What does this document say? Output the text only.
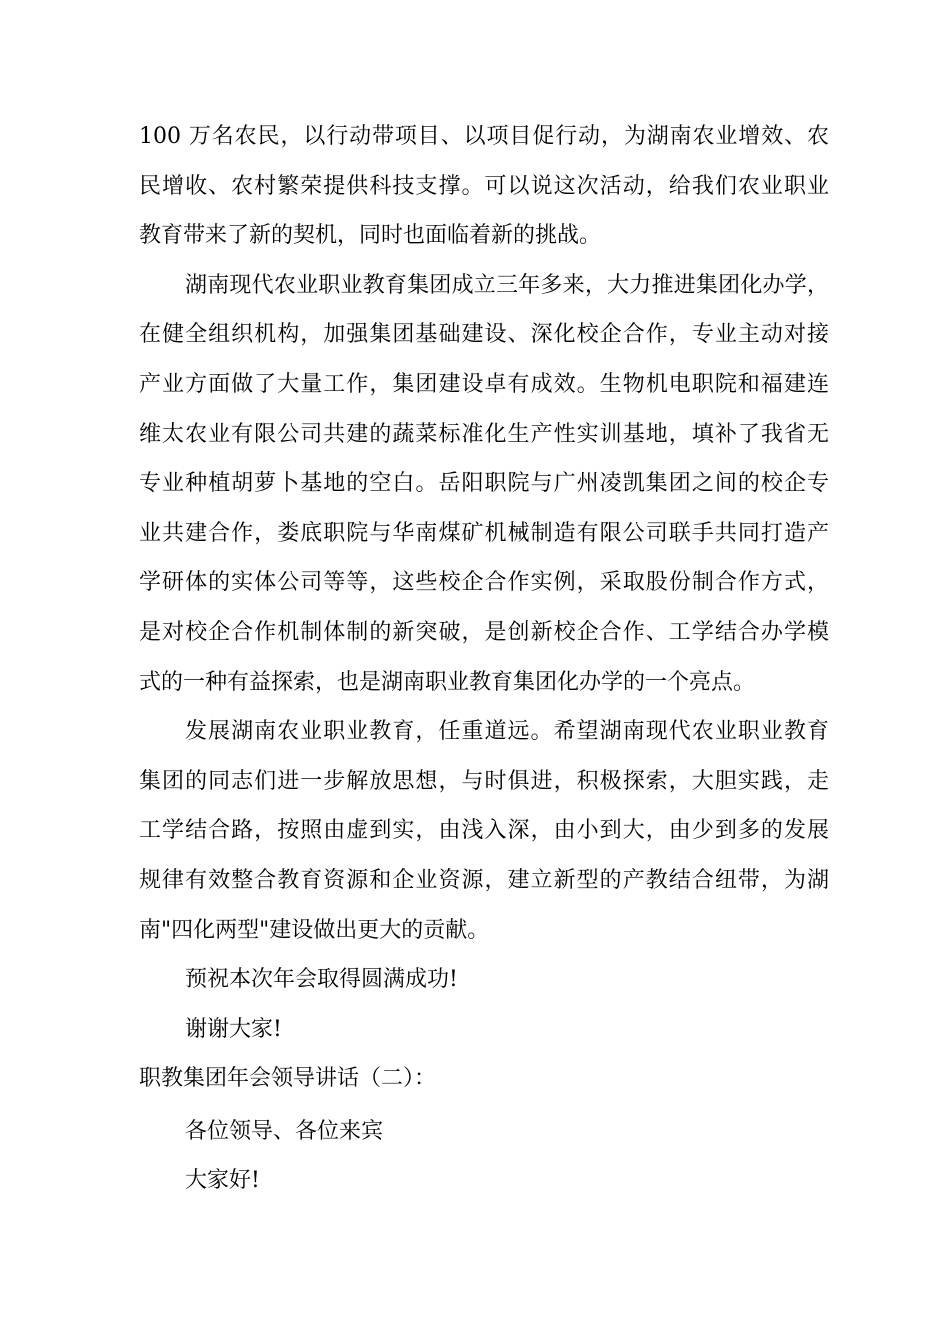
100 万名农民，以行动带项目、以项目促行动，为湖南农业增效、农
民增收、农村繁荣提供科技支撑。可以说这次活动，给我们农业职业
教育带来了新的契机，同时也面临着新的挑战。
湖南现代农业职业教育集团成立三年多来，大力推进集团化办学，
在健全组织机构，加强集团基础建设、深化校企合作，专业主动对接
产业方面做了大量工作，集团建设卓有成效。生物机电职院和福建连
维太农业有限公司共建的蔬菜标准化生产性实训基地，填补了我省无
专业种植胡萝卜基地的空白。岳阳职院与广州凌凯集团之间的校企专
业共建合作，娄底职院与华南煤矿机械制造有限公司联手共同打造产
学研体的实体公司等等，这些校企合作实例，采取股份制合作方式，
是对校企合作机制体制的新突破，是创新校企合作、工学结合办学模
式的一种有益探索，也是湖南职业教育集团化办学的一个亮点。
发展湖南农业职业教育，任重道远。希望湖南现代农业职业教育
集团的同志们进一步解放思想，与时俱进，积极探索，大胆实践，走
工学结合路，按照由虚到实，由浅入深，由小到大，由少到多的发展
规律有效整合教育资源和企业资源，建立新型的产教结合纽带，为湖
南"四化两型"建设做出更大的贡献。
预祝本次年会取得圆满成功!
谢谢大家!
职教集团年会领导讲话（二）：
各位领导、各位来宾
大家好!
